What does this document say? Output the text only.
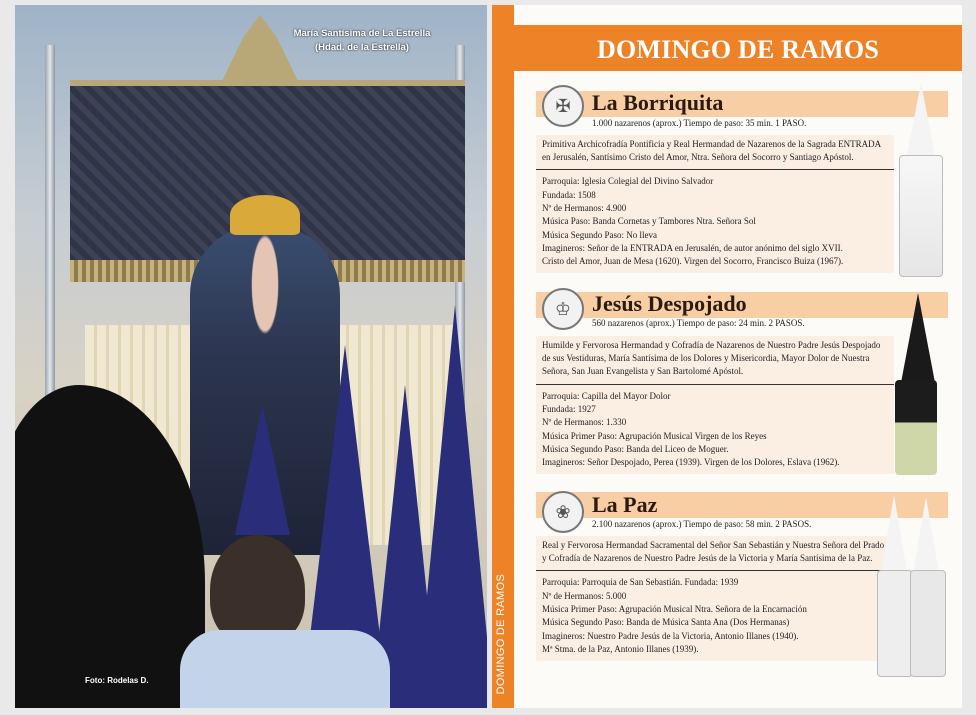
María Santísima de La Estrella
(Hdad. de la Estrella)
Foto: Rodelas D.	DOMINGO DE RAMOS
DOMINGO DE RAMOS
✠ La Borriquita
1.000 nazarenos (aprox.) Tiempo de paso: 35 min. 1 PASO.
Primitiva Archicofradía Pontificia y Real Hermandad de Nazarenos de la Sagrada ENTRADA en Jerusalén, Santísimo Cristo del Amor, Ntra. Señora del Socorro y Santiago Apóstol.
Parroquia: Iglesia Colegial del Divino Salvador
Fundada: 1508
Nº de Hermanos: 4.900
Música Paso: Banda Cornetas y Tambores Ntra. Señora Sol
Música Segundo Paso: No lleva
Imagineros: Señor de la ENTRADA en Jerusalén, de autor anónimo del siglo XVII.
Cristo del Amor, Juan de Mesa (1620). Virgen del Socorro, Francisco Buiza (1967).
♔ Jesús Despojado
560 nazarenos (aprox.) Tiempo de paso: 24 min. 2 PASOS.
Humilde y Fervorosa Hermandad y Cofradía de Nazarenos de Nuestro Padre Jesús Despojado de sus Vestiduras, María Santísima de los Dolores y Misericordia, Mayor Dolor de Nuestra Señora, San Juan Evangelista y San Bartolomé Apóstol.
Parroquia: Capilla del Mayor Dolor
Fundada: 1927
Nº de Hermanos: 1.330
Música Primer Paso: Agrupación Musical Virgen de los Reyes
Música Segundo Paso: Banda del Liceo de Moguer.
Imagineros: Señor Despojado, Perea (1939). Virgen de los Dolores, Eslava (1962).
❀ La Paz
2.100 nazarenos (aprox.) Tiempo de paso: 58 min. 2 PASOS.
Real y Fervorosa Hermandad Sacramental del Señor San Sebastián y Nuestra Señora del Prado y Cofradía de Nazarenos de Nuestro Padre Jesús de la Victoria y María Santísima de la Paz.
Parroquia: Parroquia de San Sebastián. Fundada: 1939
Nº de Hermanos: 5.000
Música Primer Paso: Agrupación Musical Ntra. Señora de la Encarnación
Música Segundo Paso: Banda de Música Santa Ana (Dos Hermanas)
Imagineros: Nuestro Padre Jesús de la Victoria, Antonio Illanes (1940).
Mª Stma. de la Paz, Antonio Illanes (1939).
